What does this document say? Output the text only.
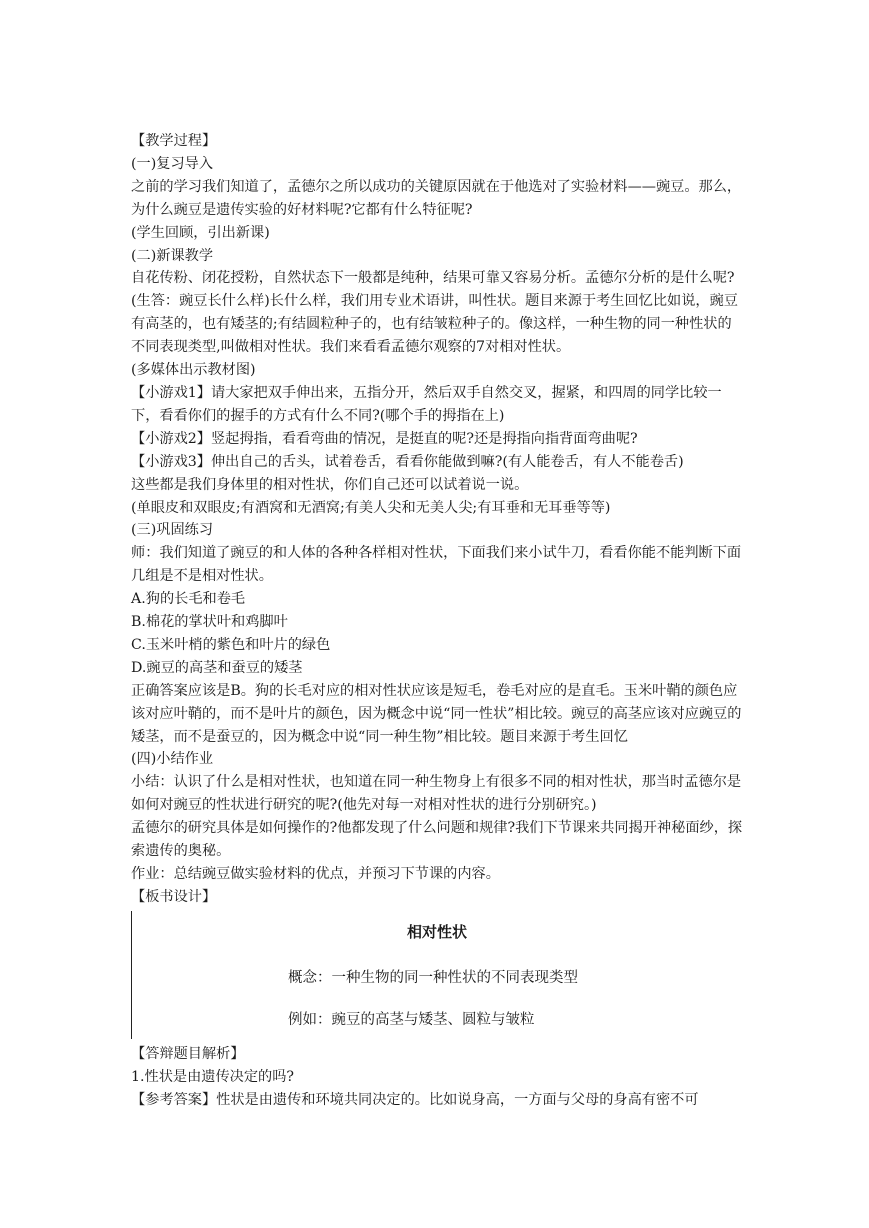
【教学过程】

(一)复习导入

之前的学习我们知道了，孟德尔之所以成功的关键原因就在于他选对了实验材料——豌豆。那么，为什么豌豆是遗传实验的好材料呢?它都有什么特征呢?

(学生回顾，引出新课)

(二)新课教学

自花传粉、闭花授粉，自然状态下一般都是纯种，结果可靠又容易分析。孟德尔分析的是什么呢?(生答：豌豆长什么样)长什么样，我们用专业术语讲，叫性状。题目来源于考生回忆比如说，豌豆有高茎的，也有矮茎的;有结圆粒种子的，也有结皱粒种子的。像这样，一种生物的同一种性状的不同表现类型,叫做相对性状。我们来看看孟德尔观察的7对相对性状。

(多媒体出示教材图)

【小游戏1】请大家把双手伸出来，五指分开，然后双手自然交叉，握紧，和四周的同学比较一下，看看你们的握手的方式有什么不同?(哪个手的拇指在上)

【小游戏2】竖起拇指，看看弯曲的情况，是挺直的呢?还是拇指向指背面弯曲呢?

【小游戏3】伸出自己的舌头，试着卷舌，看看你能做到嘛?(有人能卷舌，有人不能卷舌)

这些都是我们身体里的相对性状，你们自己还可以试着说一说。

(单眼皮和双眼皮;有酒窝和无酒窝;有美人尖和无美人尖;有耳垂和无耳垂等等)

(三)巩固练习

师：我们知道了豌豆的和人体的各种各样相对性状，下面我们来小试牛刀，看看你能不能判断下面几组是不是相对性状。

A.狗的长毛和卷毛

B.棉花的掌状叶和鸡脚叶

C.玉米叶梢的紫色和叶片的绿色

D.豌豆的高茎和蚕豆的矮茎

正确答案应该是B。狗的长毛对应的相对性状应该是短毛，卷毛对应的是直毛。玉米叶鞘的颜色应该对应叶鞘的，而不是叶片的颜色，因为概念中说“同一性状”相比较。豌豆的高茎应该对应豌豆的矮茎，而不是蚕豆的，因为概念中说“同一种生物”相比较。题目来源于考生回忆

(四)小结作业

小结：认识了什么是相对性状，也知道在同一种生物身上有很多不同的相对性状，那当时孟德尔是如何对豌豆的性状进行研究的呢?(他先对每一对相对性状的进行分别研究。)

孟德尔的研究具体是如何操作的?他都发现了什么问题和规律?我们下节课来共同揭开神秘面纱，探索遗传的奥秘。

作业：总结豌豆做实验材料的优点，并预习下节课的内容。

【板书设计】

相对性状
概念：一种生物的同一种性状的不同表现类型
例如：豌豆的高茎与矮茎、圆粒与皱粒

【答辩题目解析】

1.性状是由遗传决定的吗?

【参考答案】性状是由遗传和环境共同决定的。比如说身高，一方面与父母的身高有密不可
